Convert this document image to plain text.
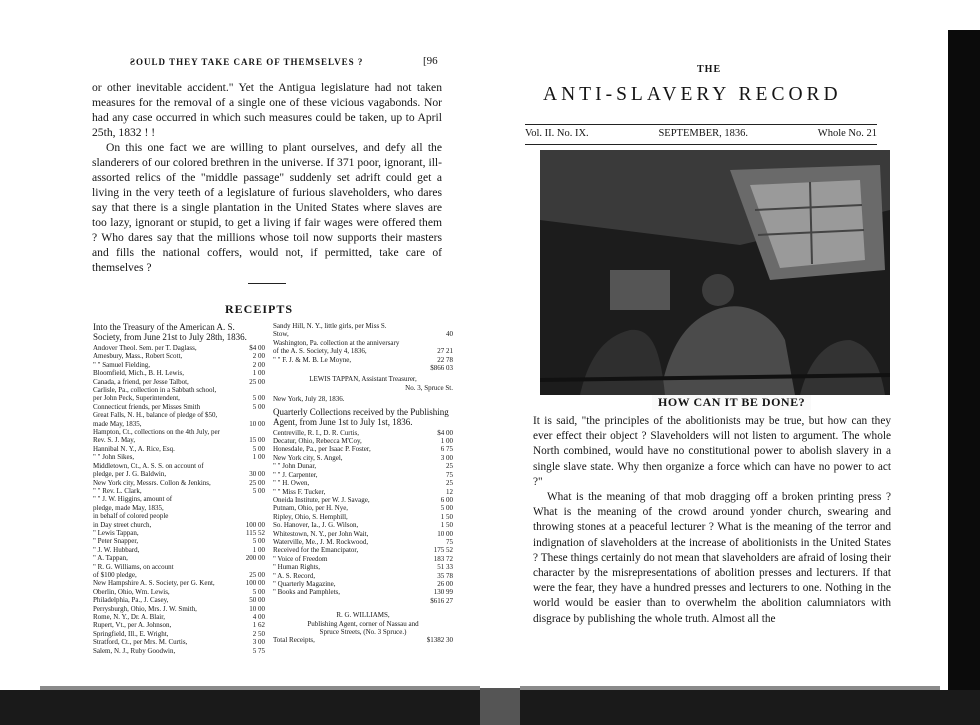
ƧOULD THEY TAKE CARE OF THEMSELVES ?	[96

or other inevitable accident." Yet the Antigua legislature had not taken measures for the removal of a single one of these vicious vagabonds. Nor had any case occurred in which such measures could be taken, up to April 25th, 1832 ! !

On this one fact we are willing to plant ourselves, and defy all the slanderers of our colored brethren in the universe. If 371 poor, ignorant, ill-assorted relics of the "middle passage" suddenly set adrift could get a living in the very teeth of a legislature of furious slaveholders, who dares say that there is a single plantation in the United States where slaves are too lazy, ignorant or stupid, to get a living if fair wages were offered them ? Who dares say that the millions whose toil now supports their masters and fills the national coffers, would not, if permitted, take care of themselves ?

RECEIPTS
Into the Treasury of the American A. S. Society, from June 21st to July 28th, 1836.
Andover Theol. Sem. per T. Daglass,	$4 00
Amesbury, Mass., Robert Scott,	2 00
" " Samuel Fielding,	2 00
Bloomfield, Mich., B. H. Lewis,	1 00
Canada, a friend, per Jesse Talbot,	25 00
Carlisle, Pa., collection in a Sabbath school,
per John Peck, Superintendent,	5 00
Connecticut friends, per Misses Smith	5 00
Great Falls, N. H., balance of pledge of $50,
made May, 1835,	10 00
Hampton, Ct., collections on the 4th July, per
Rev. S. J. May,	15 00
Hannibal N. Y., A. Rice, Esq.	5 00
" " John Sikes,	1 00
Middletown, Ct., A. S. S. on account of
pledge, per J. G. Baldwin,	30 00
New York city, Messrs. Collon & Jenkins,	25 00
" " Rev. L. Clark,	5 00
" " J. W. Higgins, amount of
pledge, made May, 1835,
in behalf of colored people
in Day street church,	100 00
" Lewis Tappan,	115 52
" Peter Snapper,	5 00
" J. W. Hubbard,	1 00
" A. Tappan,	200 00
" R. G. Williams, on account
of $100 pledge,	25 00
New Hampshire A. S. Society, per G. Kent,	100 00
Oberlin, Ohio, Wm. Lewis,	5 00
Philadelphia, Pa., J. Casey,	50 00
Perrysburgh, Ohio, Mrs. J. W. Smith,	10 00
Rome, N. Y., Dr. A. Blair,	4 00
Rupert, Vt., per A. Johnson,	1 62
Springfield, Ill., E. Wright,	2 50
Stratford, Ct., per Mrs. M. Curtis,	3 00
Salem, N. J., Ruby Goodwin,	5 75
Sandy Hill, N. Y., little girls, per Miss S.
Stow,	40
Washington, Pa. collection at the anniversary
of the A. S. Society, July 4, 1836,	27 21
" " F. J. & M. B. Le Moyne,	22 78
$866 03
LEWIS TAPPAN, Assistant Treasurer,
No. 3, Spruce St.
New York, July 28, 1836.
Quarterly Collections received by the Publishing Agent, from June 1st to July 1st, 1836.
Centreville, R. I., D. R. Curtis,	$4 00
Decatur, Ohio, Rebecca M'Coy,	1 00
Honesdale, Pa., per Isaac P. Foster,	6 75
New York city, S. Angel,	3 00
" " John Dunar,	25
" " J. Carpenter,	75
" " H. Owen,	25
" " Miss F. Tucker,	12
Oneida Institute, per W. J. Savage,	6 00
Putnam, Ohio, per H. Nye,	5 00
Ripley, Ohio, S. Hemphill,	1 50
So. Hanover, Ia., J. G. Wilson,	1 50
Whitestown, N. Y., per John Wait,	10 00
Waterville, Me., J. M. Rockwood,	75
Received for the Emancipator,	175 52
" Voice of Freedom	183 72
" Human Rights,	51 33
" A. S. Record,	35 78
" Quarterly Magazine,	26 00
" Books and Pamphlets,	130 99
$616 27
R. G. WILLIAMS,
Publishing Agent, corner of Nassau and
Spruce Streets, (No. 3 Spruce.)
Total Receipts,	$1382 30
THE
ANTI-SLAVERY RECORD
Vol. II. No. IX.	SEPTEMBER, 1836.	Whole No. 21
HOW CAN IT BE DONE?

It is said, "the principles of the abolitionists may be true, but how can they ever effect their object ? Slaveholders will not listen to argument. The whole North combined, would have no constitutional power to abolish slavery in a single slave state. Why then organize a force which can have no power to act ?"

What is the meaning of that mob dragging off a broken printing press ? What is the meaning of the crowd around yonder church, swearing and throwing stones at a peaceful lecturer ? What is the meaning of the terror and indignation of slaveholders at the increase of abolitionists in the United States ? These things certainly do not mean that slaveholders are afraid of losing their character by the misrepresentations of abolition presses and lecturers. If that were the fear, they have a hundred presses and lecturers to one. Nothing in the world would be easier than to overwhelm the abolition calumniators with disgrace by publishing the whole truth. Almost all the
